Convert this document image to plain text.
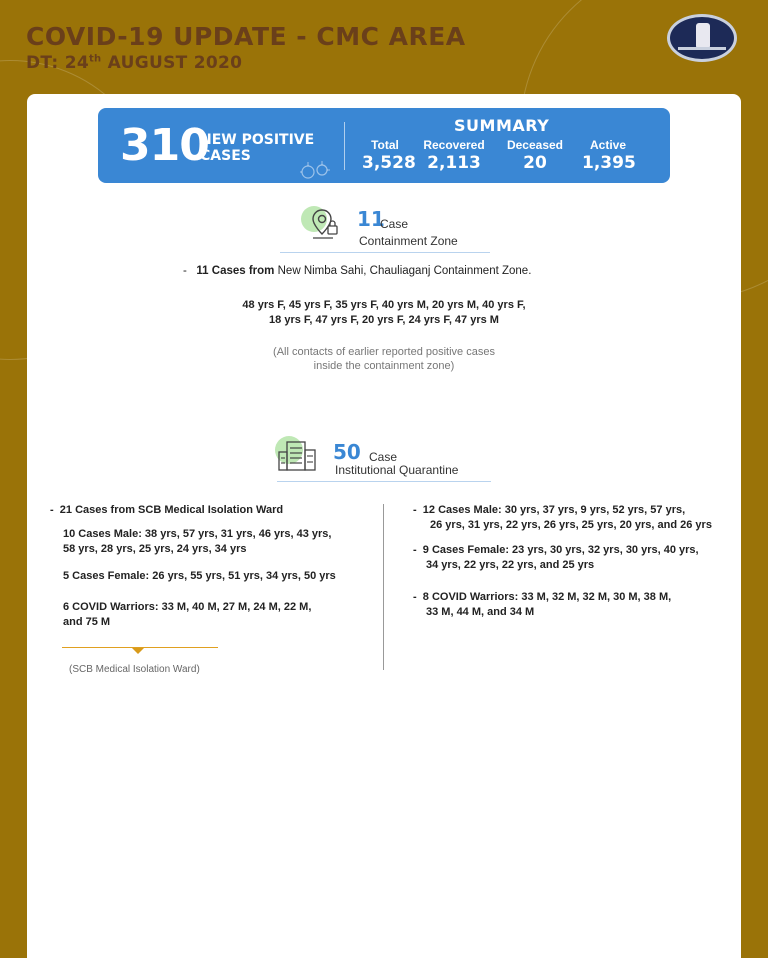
COVID-19 UPDATE - CMC AREA
DT: 24th AUGUST 2020
310
NEW POSITIVE
CASES
SUMMARY
Total
3,528
Recovered
2,113
Deceased
20
Active
1,395
11
Case
Containment Zone
-   11 Cases from New Nimba Sahi, Chauliaganj Containment Zone.
48 yrs F, 45 yrs F, 35 yrs F, 40 yrs M, 20 yrs M, 40 yrs F,
18 yrs F, 47 yrs F, 20 yrs F, 24 yrs F, 47 yrs M
(All contacts of earlier reported positive cases
inside the containment zone)
50 Case
Institutional Quarantine
-  21 Cases from SCB Medical Isolation Ward
10 Cases Male: 38 yrs, 57 yrs, 31 yrs, 46 yrs, 43 yrs,
58 yrs, 28 yrs, 25 yrs, 24 yrs, 34 yrs
5 Cases Female: 26 yrs, 55 yrs, 51 yrs, 34 yrs, 50 yrs
6 COVID Warriors: 33 M, 40 M, 27 M, 24 M, 22 M,
and 75 M
(SCB Medical Isolation Ward)
-  12 Cases Male: 30 yrs, 37 yrs, 9 yrs, 52 yrs, 57 yrs,
26 yrs, 31 yrs, 22 yrs, 26 yrs, 25 yrs, 20 yrs, and 26 yrs
-  9 Cases Female: 23 yrs, 30 yrs, 32 yrs, 30 yrs, 40 yrs,
34 yrs, 22 yrs, 22 yrs, and 25 yrs
-  8 COVID Warriors: 33 M, 32 M, 32 M, 30 M, 38 M,
33 M, 44 M, and 34 M
